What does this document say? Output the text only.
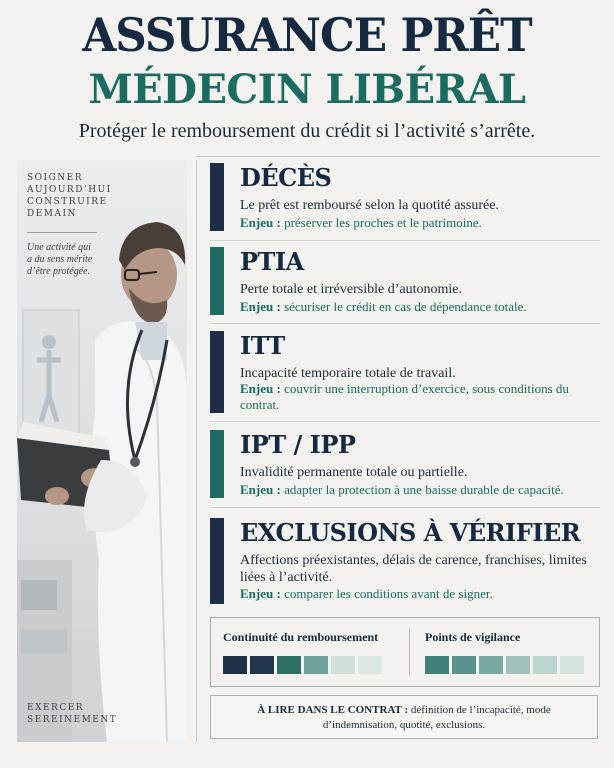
ASSURANCE PRÊT
MÉDECIN LIBÉRAL
Protéger le remboursement du crédit si l’activité s’arrête.
SOIGNER
AUJOURD’HUI
CONSTRUIRE
DEMAIN
Une activité qui a du sens mérite d’être protégée.
EXERCER
SEREINEMENT
DÉCÈS
Le prêt est remboursé selon la quotité assurée.
Enjeu : préserver les proches et le patrimoine.
PTIA
Perte totale et irréversible d’autonomie.
Enjeu : sécuriser le crédit en cas de dépendance totale.
ITT
Incapacité temporaire totale de travail.
Enjeu : couvrir une interruption d’exercice, sous conditions du contrat.
IPT / IPP
Invalidité permanente totale ou partielle.
Enjeu : adapter la protection à une baisse durable de capacité.
EXCLUSIONS À VÉRIFIER
Affections préexistantes, délais de carence, franchises, limites liées à l’activité.
Enjeu : comparer les conditions avant de signer.
Continuité du remboursement	Points de vigilance
À LIRE DANS LE CONTRAT : définition de l’incapacité, mode d’indemnisation, quotité, exclusions.
